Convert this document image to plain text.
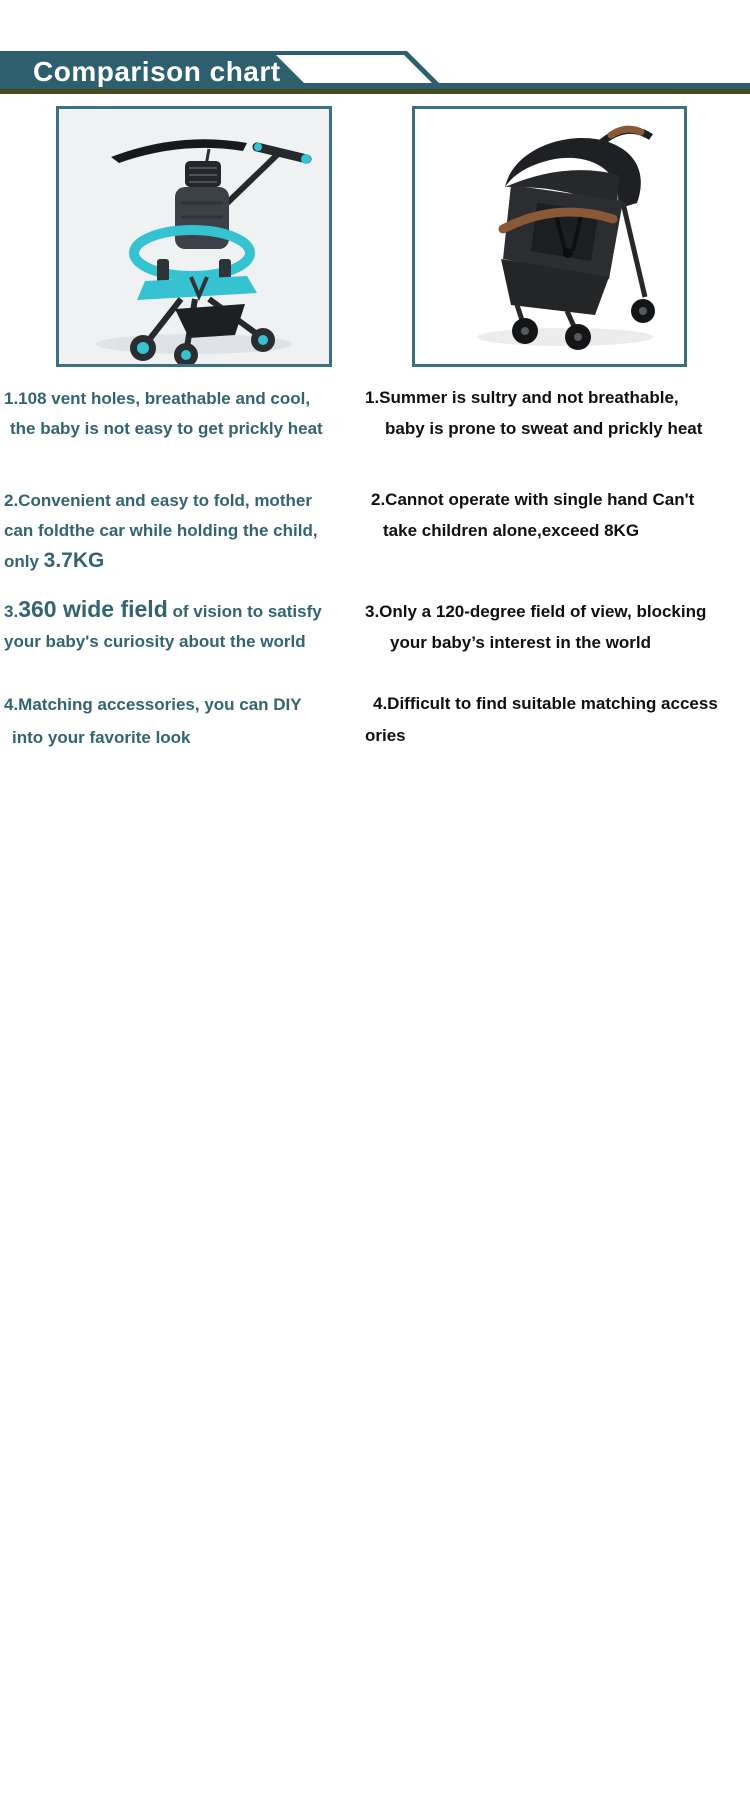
Comparison chart
1.108 vent holes, breathable and cool,
the baby is not easy to get prickly heat
2.Convenient and easy to fold, mother
can foldthe car while holding the child,
only 3.7KG
3.360 wide field of vision to satisfy
your baby's curiosity about the world
4.Matching accessories, you can DIY
into your favorite look
1.Summer is sultry and not breathable,
baby is prone to sweat and prickly heat
2.Cannot operate with single hand Can't
take children alone,exceed 8KG
3.Only a 120-degree field of view, blocking
your baby’s interest in the world
4.Difficult to find suitable matching access
ories
